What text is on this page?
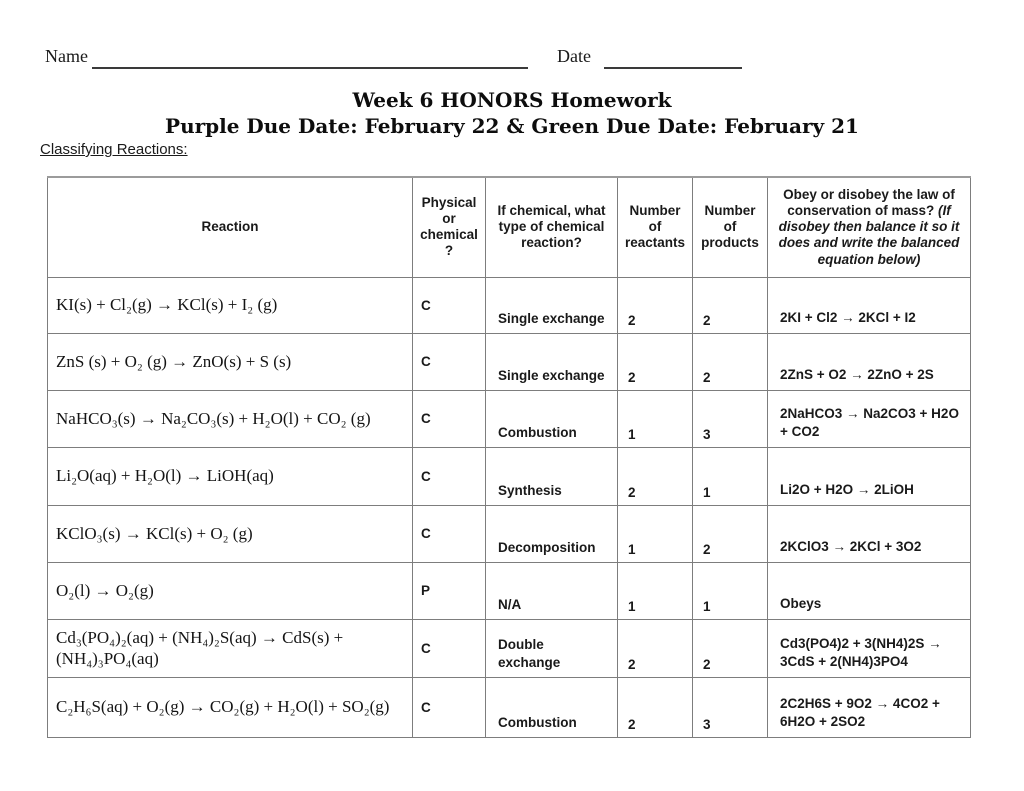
Name	Date
Week 6 HONORS Homework
Purple Due Date: February 22 & Green Due Date: February 21
Classifying Reactions:
Reaction	Physical or chemical ?	If chemical, what type of chemical reaction?	Number of reactants	Number of products	Obey or disobey the law of conservation of mass? (If disobey then balance it so it does and write the balanced equation below)
KI(s) + Cl₂(g) → KCl(s) + I₂ (g)	C	Single exchange	2	2	2KI + Cl2 → 2KCl + I2
ZnS (s) + O₂ (g) → ZnO(s) + S (s)	C	Single exchange	2	2	2ZnS + O2 → 2ZnO + 2S
NaHCO₃(s) → Na₂CO₃(s) + H₂O(l) + CO₂ (g)	C	Combustion	1	3	2NaHCO3 → Na2CO3 + H2O + CO2
Li₂O(aq) + H₂O(l) → LiOH(aq)	C	Synthesis	2	1	Li2O + H2O → 2LiOH
KClO₃(s) → KCl(s) + O₂ (g)	C	Decomposition	1	2	2KClO3 → 2KCl + 3O2
O₂(l) → O₂(g)	P	N/A	1	1	Obeys
Cd₃(PO₄)₂(aq) + (NH₄)₂S(aq) → CdS(s) + (NH₄)₃PO₄(aq)	C	Double exchange	2	2	Cd3(PO4)2 + 3(NH4)2S → 3CdS + 2(NH4)3PO4
C₂H₆S(aq) + O₂(g) → CO₂(g) + H₂O(l) + SO₂(g)	C	Combustion	2	3	2C2H6S + 9O2 → 4CO2 + 6H2O + 2SO2
